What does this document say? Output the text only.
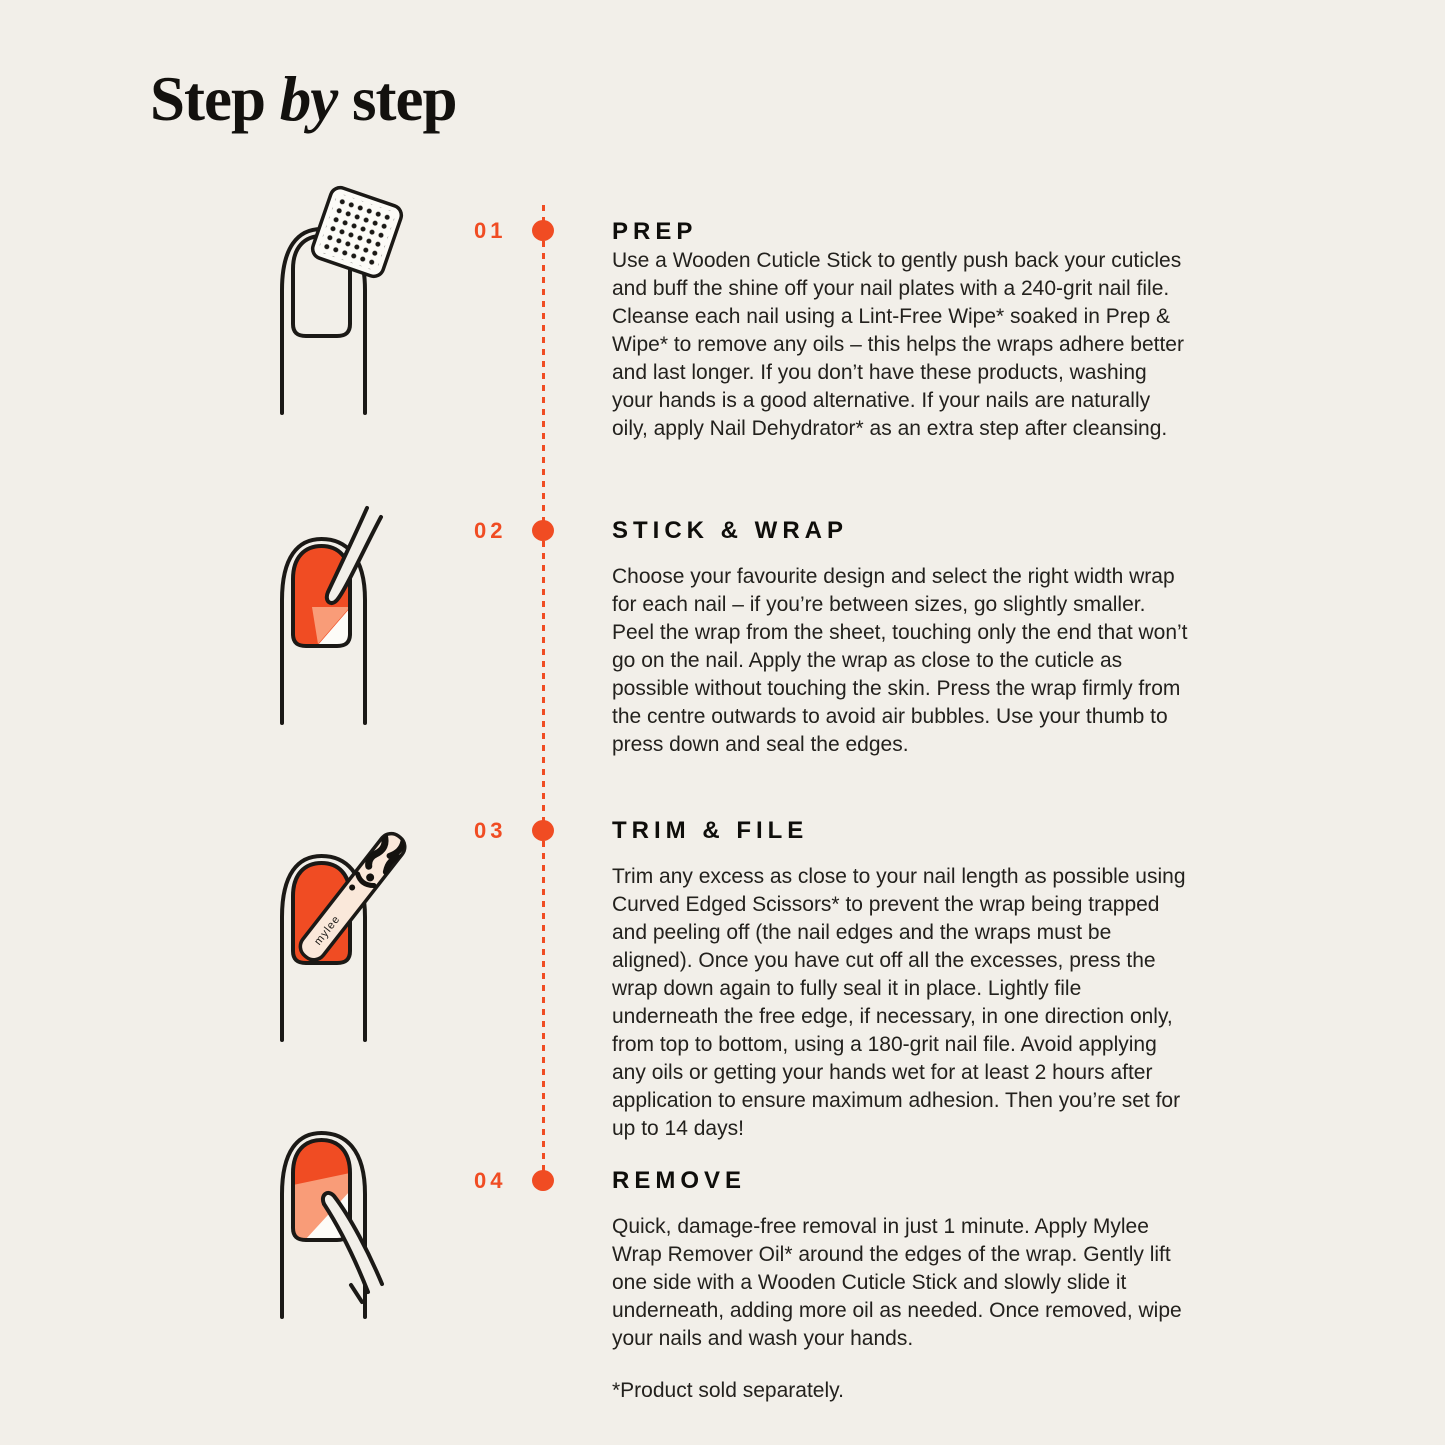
Step by step
01
02
03
04
mylee
PREP
Use a Wooden Cuticle Stick to gently push back your cuticles and buff the shine off your nail plates with a 240-grit nail file. Cleanse each nail using a Lint-Free Wipe* soaked in Prep & Wipe* to remove any oils – this helps the wraps adhere better and last longer. If you don’t have these products, washing your hands is a good alternative. If your nails are naturally oily, apply Nail Dehydrator* as an extra step after cleansing.
STICK & WRAP
Choose your favourite design and select the right width wrap for each nail – if you’re between sizes, go slightly smaller. Peel the wrap from the sheet, touching only the end that won’t go on the nail. Apply the wrap as close to the cuticle as possible without touching the skin. Press the wrap firmly from the centre outwards to avoid air bubbles. Use your thumb to press down and seal the edges.
TRIM & FILE
Trim any excess as close to your nail length as possible using Curved Edged Scissors* to prevent the wrap being trapped and peeling off (the nail edges and the wraps must be aligned). Once you have cut off all the excesses, press the wrap down again to fully seal it in place. Lightly file underneath the free edge, if necessary, in one direction only, from top to bottom, using a 180-grit nail file. Avoid applying any oils or getting your hands wet for at least 2 hours after application to ensure maximum adhesion. Then you’re set for up to 14 days!
REMOVE
Quick, damage-free removal in just 1 minute. Apply Mylee Wrap Remover Oil* around the edges of the wrap. Gently lift one side with a Wooden Cuticle Stick and slowly slide it underneath, adding more oil as needed. Once removed, wipe your nails and wash your hands.
*Product sold separately.
